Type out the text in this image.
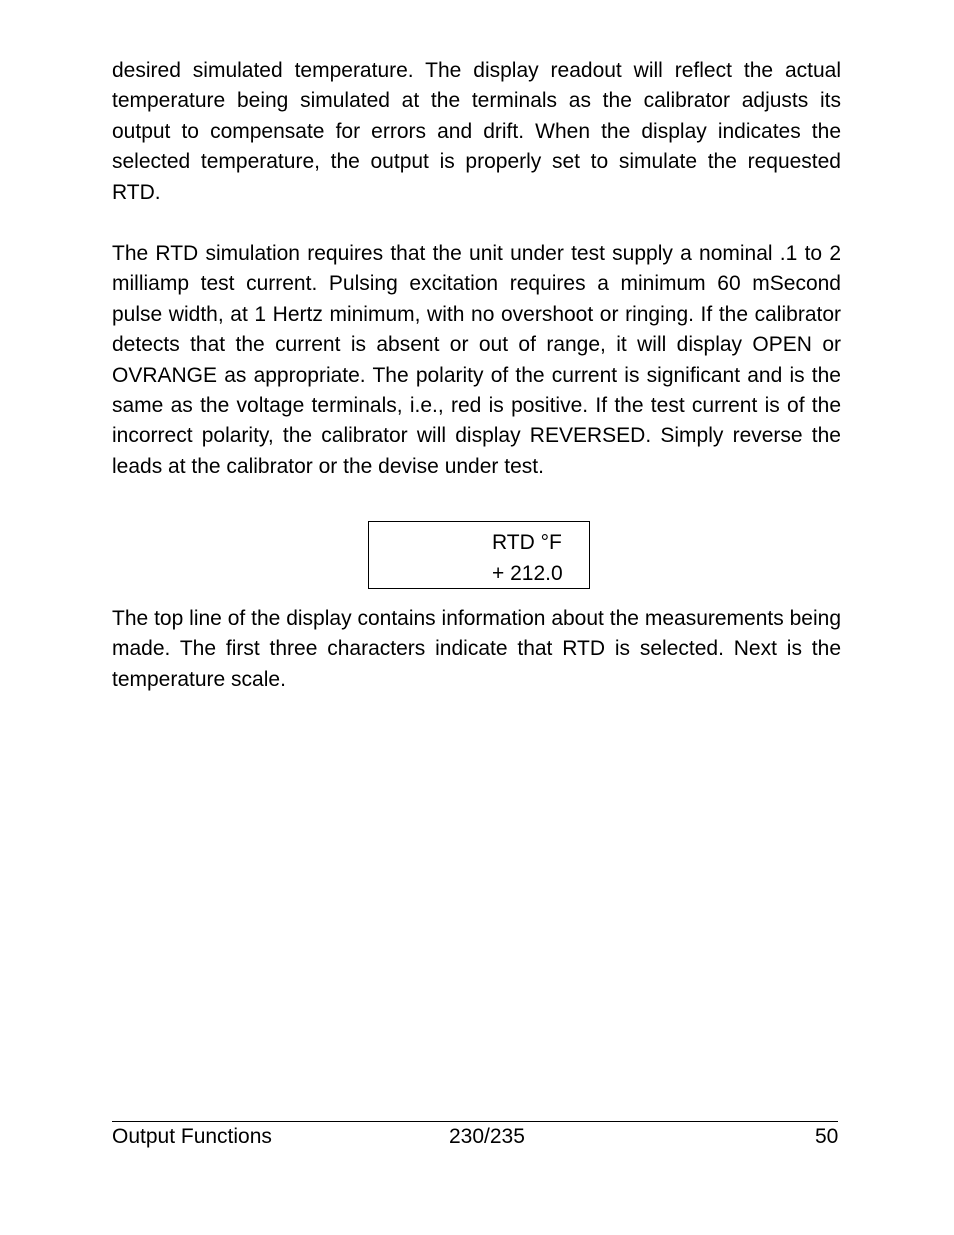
desired simulated temperature. The display readout will reflect the actual temperature being simulated at the terminals as the calibrator adjusts its output to compensate for errors and drift. When the display indicates the selected temperature, the output is properly set to simulate the requested RTD.

The RTD simulation requires that the unit under test supply a nominal .1 to 2 milliamp test current. Pulsing excitation requires a minimum 60 mSecond pulse width, at 1 Hertz minimum, with no overshoot or ringing. If the calibrator detects that the current is absent or out of range, it will display OPEN or OVRANGE as appropriate. The polarity of the current is significant and is the same as the voltage terminals, i.e., red is positive. If the test current is of the incorrect polarity, the calibrator will display REVERSED. Simply reverse the leads at the calibrator or the devise under test.

RTD °F
+ 212.0

The top line of the display contains information about the measurements being made. The first three characters indicate that RTD is selected. Next is the temperature scale.

Output Functions	230/235	50
